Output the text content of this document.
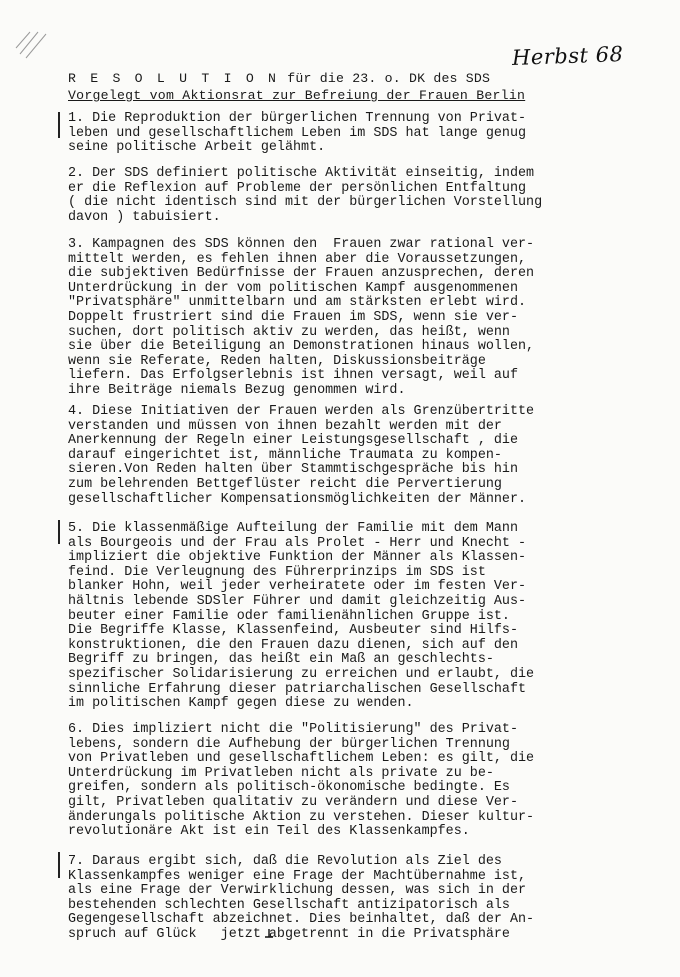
Herbst 68
R E S O L U T I O N für die 23. o. DK des SDS
Vorgelegt vom Aktionsrat zur Befreiung der Frauen Berlin

1. Die Reproduktion der bürgerlichen Trennung von Privat-
leben und gesellschaftlichem Leben im SDS hat lange genug
seine politische Arbeit gelähmt.

2. Der SDS definiert politische Aktivität einseitig, indem
er die Reflexion auf Probleme der persönlichen Entfaltung
( die nicht identisch sind mit der bürgerlichen Vorstellung
davon ) tabuisiert.

3. Kampagnen des SDS können den  Frauen zwar rational ver-
mittelt werden, es fehlen ihnen aber die Voraussetzungen,
die subjektiven Bedürfnisse der Frauen anzusprechen, deren
Unterdrückung in der vom politischen Kampf ausgenommenen
"Privatsphäre" unmittelbarn und am stärksten erlebt wird.
Doppelt frustriert sind die Frauen im SDS, wenn sie ver-
suchen, dort politisch aktiv zu werden, das heißt, wenn
sie über die Beteiligung an Demonstrationen hinaus wollen,
wenn sie Referate, Reden halten, Diskussionsbeiträge
liefern. Das Erfolgserlebnis ist ihnen versagt, weil auf
ihre Beiträge niemals Bezug genommen wird.

4. Diese Initiativen der Frauen werden als Grenzübertritte
verstanden und müssen von ihnen bezahlt werden mit der
Anerkennung der Regeln einer Leistungsgesellschaft , die
darauf eingerichtet ist, männliche Traumata zu kompen-
sieren.Von Reden halten über Stammtischgespräche bis hin
zum belehrenden Bettgeflüster reicht die Pervertierung
gesellschaftlicher Kompensationsmöglichkeiten der Männer.

5. Die klassenmäßige Aufteilung der Familie mit dem Mann
als Bourgeois und der Frau als Prolet - Herr und Knecht -
impliziert die objektive Funktion der Männer als Klassen-
feind. Die Verleugnung des Führerprinzips im SDS ist
blanker Hohn, weil jeder verheiratete oder im festen Ver-
hältnis lebende SDSler Führer und damit gleichzeitig Aus-
beuter einer Familie oder familienähnlichen Gruppe ist.
Die Begriffe Klasse, Klassenfeind, Ausbeuter sind Hilfs-
konstruktionen, die den Frauen dazu dienen, sich auf den
Begriff zu bringen, das heißt ein Maß an geschlechts-
spezifischer Solidarisierung zu erreichen und erlaubt, die
sinnliche Erfahrung dieser patriarchalischen Gesellschaft
im politischen Kampf gegen diese zu wenden.

6. Dies impliziert nicht die "Politisierung" des Privat-
lebens, sondern die Aufhebung der bürgerlichen Trennung
von Privatleben und gesellschaftlichem Leben: es gilt, die
Unterdrückung im Privatleben nicht als private zu be-
greifen, sondern als politisch-ökonomische bedingte. Es
gilt, Privatleben qualitativ zu verändern und diese Ver-
änderungals politische Aktion zu verstehen. Dieser kultur-
revolutionäre Akt ist ein Teil des Klassenkampfes.

7. Daraus ergibt sich, daß die Revolution als Ziel des
Klassenkampfes weniger eine Frage der Machtübernahme ist,
als eine Frage der Verwirklichung dessen, was sich in der
bestehenden schlechten Gesellschaft antizipatorisch als
Gegengesellschaft abzeichnet. Dies beinhaltet, daß der An-
spruch auf Glück   jetzt abgetrennt in die Privatsphäre
